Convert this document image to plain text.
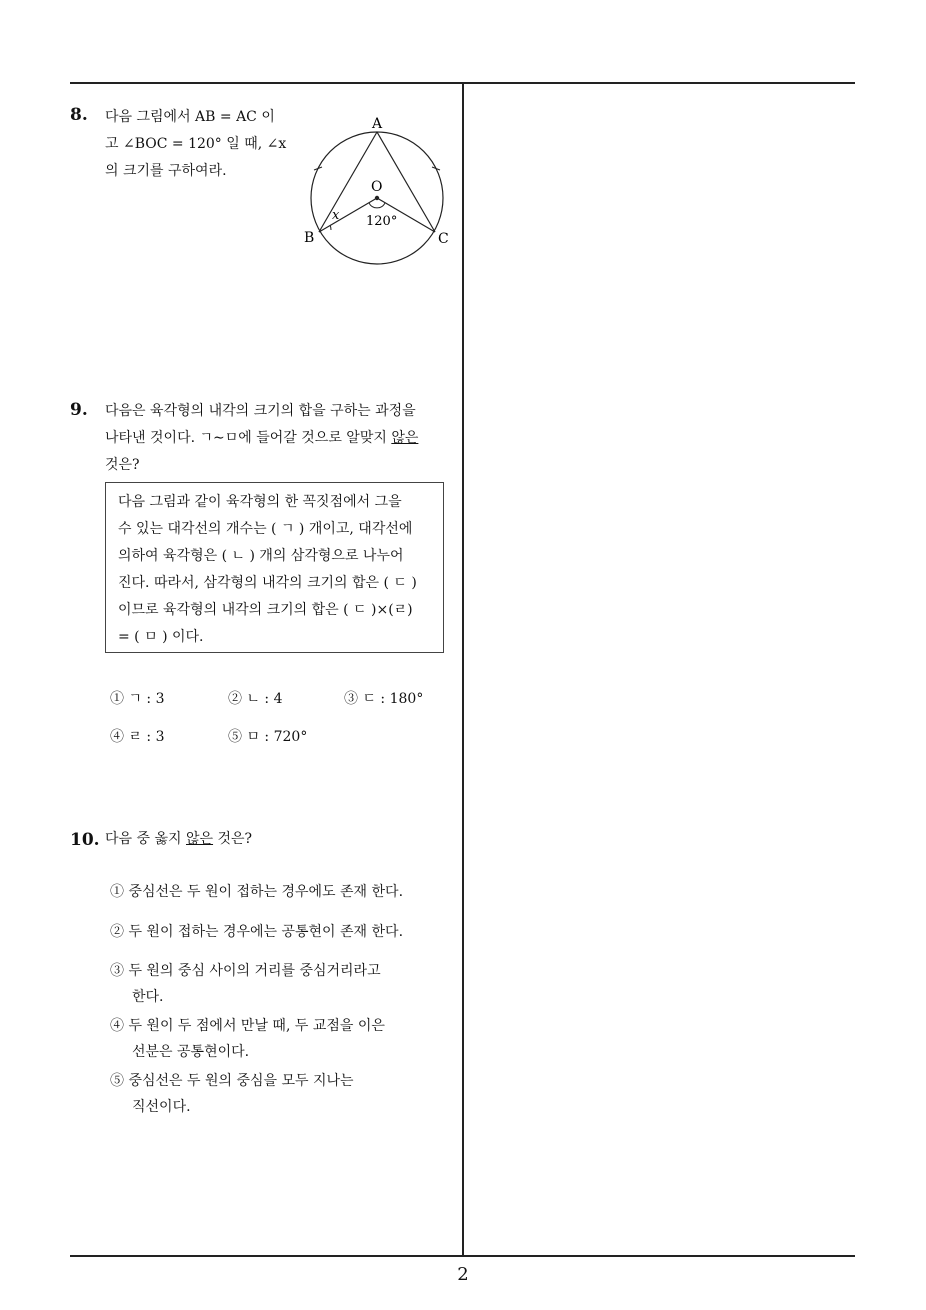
8. 다음 그림에서 AB = AC 이
고 ∠BOC = 120° 일 때, ∠x
의 크기를 구하여라.
A
B	C
O
x 120°
9. 다음은 육각형의 내각의 크기의 합을 구하는 과정을
나타낸 것이다. ㄱ∼ㅁ에 들어갈 것으로 알맞지 않은
것은?
다음 그림과 같이 육각형의 한 꼭짓점에서 그을
수 있는 대각선의 개수는 ( ㄱ ) 개이고, 대각선에
의하여 육각형은 ( ㄴ ) 개의 삼각형으로 나누어
진다. 따라서, 삼각형의 내각의 크기의 합은 ( ㄷ )
이므로 육각형의 내각의 크기의 합은 ( ㄷ )×(ㄹ)
= ( ㅁ ) 이다.
① ㄱ : 3	② ㄴ : 4	③ ㄷ : 180°
④ ㄹ : 3	⑤ ㅁ : 720°
10. 다음 중 옳지 않은 것은?
① 중심선은 두 원이 접하는 경우에도 존재 한다.
② 두 원이 접하는 경우에는 공통현이 존재 한다.
③ 두 원의 중심 사이의 거리를 중심거리라고
한다.
④ 두 원이 두 점에서 만날 때, 두 교점을 이은
선분은 공통현이다.
⑤ 중심선은 두 원의 중심을 모두 지나는
직선이다.
2
